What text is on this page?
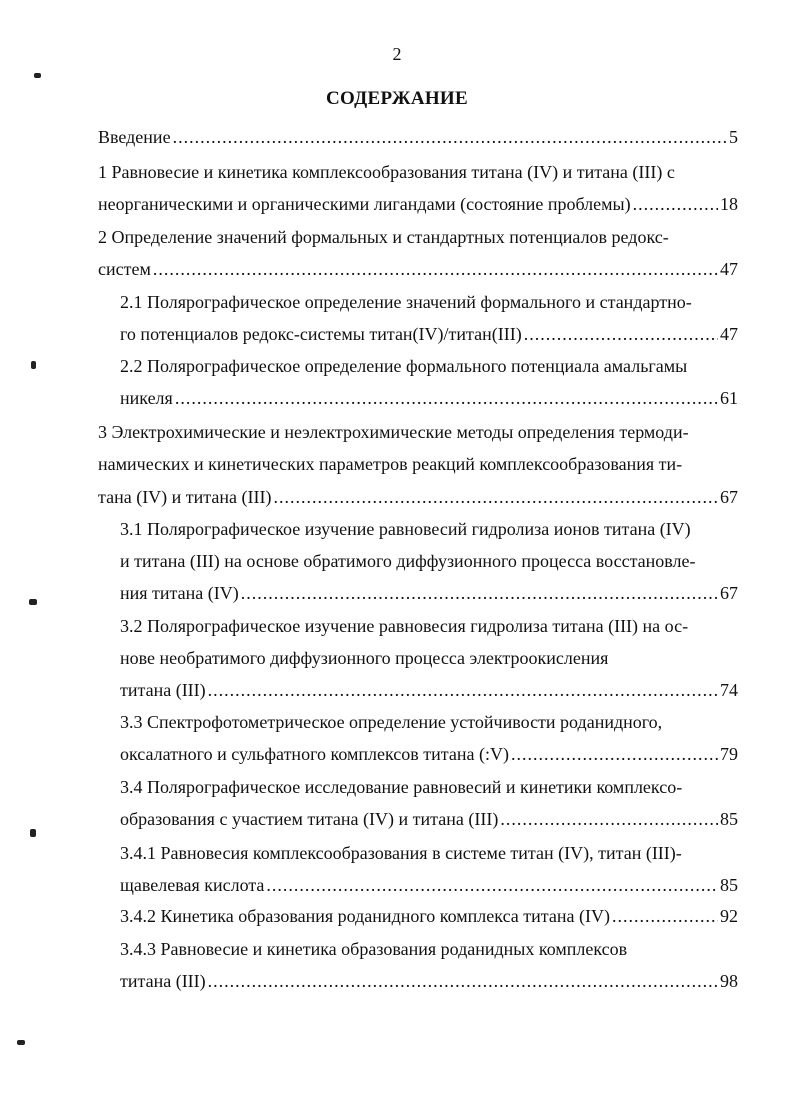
2
СОДЕРЖАНИЕ
Введение .....	5
1 Равновесие и кинетика комплексообразования титана (IV) и титана (III) с
неорганическими и органическими лигандами (состояние проблемы) .....	18
2 Определение значений формальных и стандартных потенциалов редокс-
систем .....	47
2.1 Полярографическое определение значений формального и стандартно-
го потенциалов редокс-системы титан(IV)/титан(III) .....	47
2.2 Полярографическое определение формального потенциала амальгамы
никеля .....	61
3 Электрохимические и неэлектрохимические методы определения термоди-
намических и кинетических параметров реакций комплексообразования ти-
тана (IV) и титана (III) .....	67
3.1 Полярографическое изучение равновесий гидролиза ионов титана (IV)
и титана (III) на основе обратимого диффузионного процесса восстановле-
ния титана (IV) .....	67
3.2 Полярографическое изучение равновесия гидролиза титана (III) на ос-
нове необратимого диффузионного процесса электроокисления
титана (III) .....	74
3.3 Спектрофотометрическое определение устойчивости роданидного,
оксалатного и сульфатного комплексов титана (:V) .....	79
3.4 Полярографическое исследование равновесий и кинетики комплексо-
образования с участием титана (IV) и титана (III) .....	85
3.4.1 Равновесия комплексообразования в системе титан (IV), титан (III)-
щавелевая кислота .....	85
3.4.2 Кинетика образования роданидного комплекса титана (IV) .....	92
3.4.3 Равновесие и кинетика образования роданидных комплексов
титана (III) .....	98
